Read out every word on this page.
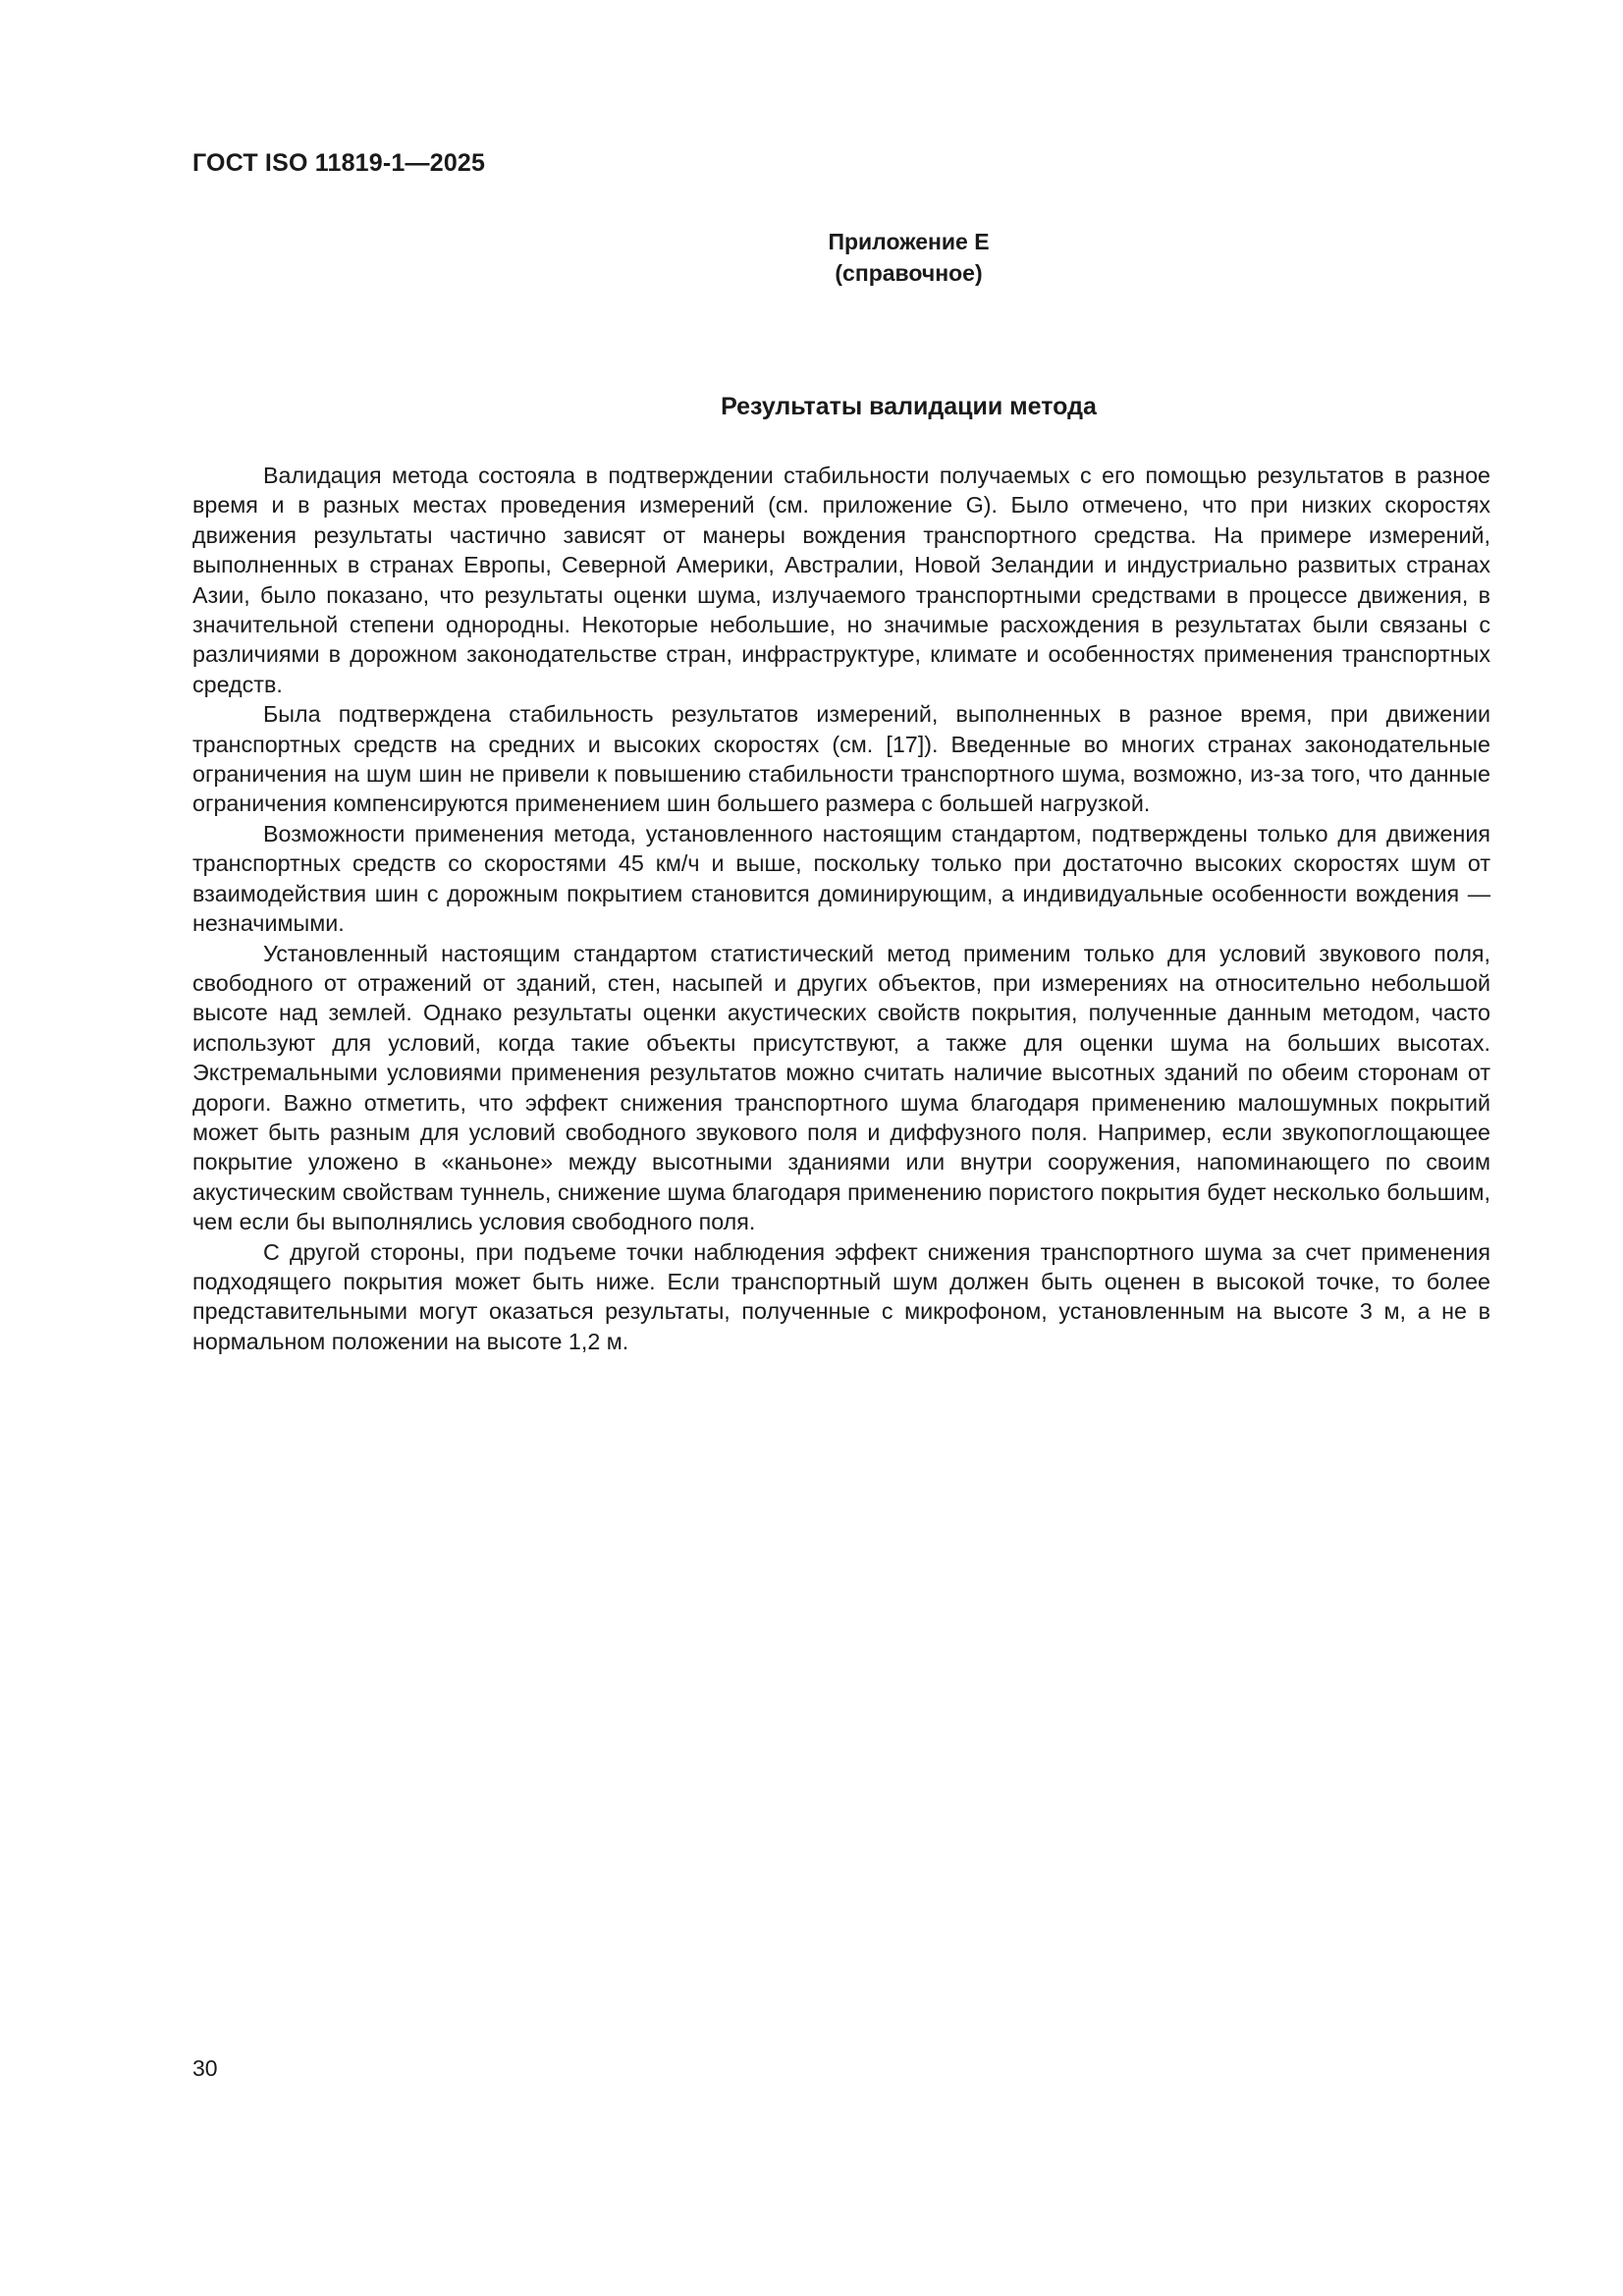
ГОСТ ISO 11819-1—2025
Приложение Е
(справочное)
Результаты валидации метода

Валидация метода состояла в подтверждении стабильности получаемых с его помощью результатов в разное время и в разных местах проведения измерений (см. приложение G). Было отмечено, что при низких скоростях движения результаты частично зависят от манеры вождения транспортного средства. На примере измерений, выполненных в странах Европы, Северной Америки, Австралии, Новой Зеландии и индустриально развитых странах Азии, было показано, что результаты оценки шума, излучаемого транспортными средствами в процессе движения, в значительной степени однородны. Некоторые небольшие, но значимые расхождения в результатах были связаны с различиями в дорожном законодательстве стран, инфраструктуре, климате и особенностях применения транспортных средств.

Была подтверждена стабильность результатов измерений, выполненных в разное время, при движении транспортных средств на средних и высоких скоростях (см. [17]). Введенные во многих странах законодательные ограничения на шум шин не привели к повышению стабильности транспортного шума, возможно, из-за того, что данные ограничения компенсируются применением шин большего размера с большей нагрузкой.

Возможности применения метода, установленного настоящим стандартом, подтверждены только для движения транспортных средств со скоростями 45 км/ч и выше, поскольку только при достаточно высоких скоростях шум от взаимодействия шин с дорожным покрытием становится доминирующим, а индивидуальные особенности вождения — незначимыми.

Установленный настоящим стандартом статистический метод применим только для условий звукового поля, свободного от отражений от зданий, стен, насыпей и других объектов, при измерениях на относительно небольшой высоте над землей. Однако результаты оценки акустических свойств покрытия, полученные данным методом, часто используют для условий, когда такие объекты присутствуют, а также для оценки шума на больших высотах. Экстремальными условиями применения результатов можно считать наличие высотных зданий по обеим сторонам от дороги. Важно отметить, что эффект снижения транспортного шума благодаря применению малошумных покрытий может быть разным для условий свободного звукового поля и диффузного поля. Например, если звукопоглощающее покрытие уложено в «каньоне» между высотными зданиями или внутри сооружения, напоминающего по своим акустическим свойствам туннель, снижение шума благодаря применению пористого покрытия будет несколько большим, чем если бы выполнялись условия свободного поля.

С другой стороны, при подъеме точки наблюдения эффект снижения транспортного шума за счет применения подходящего покрытия может быть ниже. Если транспортный шум должен быть оценен в высокой точке, то более представительными могут оказаться результаты, полученные с микрофоном, установленным на высоте 3 м, а не в нормальном положении на высоте 1,2 м.

30
